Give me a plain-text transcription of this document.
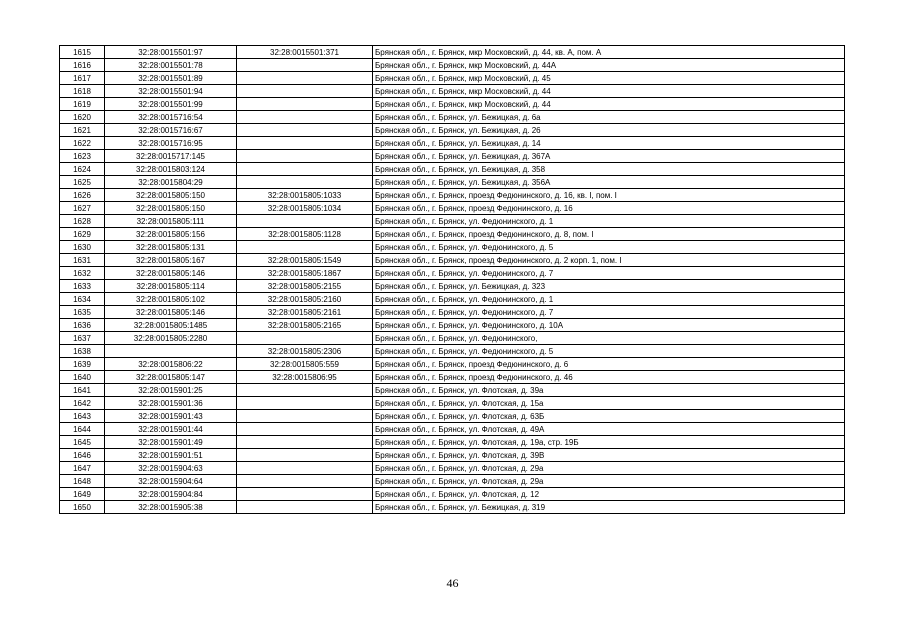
1615	32:28:0015501:97	32:28:0015501:371	Брянская обл., г. Брянск, мкр Московский, д. 44, кв. А, пом. А
1616	32:28:0015501:78		Брянская обл., г. Брянск, мкр Московский, д. 44А
1617	32:28:0015501:89		Брянская обл., г. Брянск, мкр Московский, д. 45
1618	32:28:0015501:94		Брянская обл., г. Брянск, мкр Московский, д. 44
1619	32:28:0015501:99		Брянская обл., г. Брянск, мкр Московский, д. 44
1620	32:28:0015716:54		Брянская обл., г. Брянск, ул. Бежицкая, д. 6а
1621	32:28:0015716:67		Брянская обл., г. Брянск, ул. Бежицкая, д. 26
1622	32:28:0015716:95		Брянская обл., г. Брянск, ул. Бежицкая, д. 14
1623	32:28:0015717:145		Брянская обл., г. Брянск, ул. Бежицкая, д. 367А
1624	32:28:0015803:124		Брянская обл., г. Брянск, ул. Бежицкая, д. 358
1625	32:28:0015804:29		Брянская обл., г. Брянск, ул. Бежицкая, д. 356А
1626	32:28:0015805:150	32:28:0015805:1033	Брянская обл., г. Брянск, проезд Федюнинского, д. 16, кв. I, пом. I
1627	32:28:0015805:150	32:28:0015805:1034	Брянская обл., г. Брянск, проезд Федюнинского, д. 16
1628	32:28:0015805:111		Брянская обл., г. Брянск, ул. Федюнинского, д. 1
1629	32:28:0015805:156	32:28:0015805:1128	Брянская обл., г. Брянск, проезд Федюнинского, д. 8, пом. I
1630	32:28:0015805:131		Брянская обл., г. Брянск, ул. Федюнинского, д. 5
1631	32:28:0015805:167	32:28:0015805:1549	Брянская обл., г. Брянск, проезд Федюнинского, д. 2 корп. 1, пом. I
1632	32:28:0015805:146	32:28:0015805:1867	Брянская обл., г. Брянск, ул. Федюнинского, д. 7
1633	32:28:0015805:114	32:28:0015805:2155	Брянская обл., г. Брянск, ул. Бежицкая, д. 323
1634	32:28:0015805:102	32:28:0015805:2160	Брянская обл., г. Брянск, ул. Федюнинского, д. 1
1635	32:28:0015805:146	32:28:0015805:2161	Брянская обл., г. Брянск, ул. Федюнинского, д. 7
1636	32:28:0015805:1485	32:28:0015805:2165	Брянская обл., г. Брянск, ул. Федюнинского, д. 10А
1637	32:28:0015805:2280		Брянская обл., г. Брянск, ул. Федюнинского,
1638		32:28:0015805:2306	Брянская обл., г. Брянск, ул. Федюнинского, д. 5
1639	32:28:0015806:22	32:28:0015805:559	Брянская обл., г. Брянск, проезд Федюнинского, д. 6
1640	32:28:0015805:147	32:28:0015806:95	Брянская обл., г. Брянск, проезд Федюнинского, д. 46
1641	32:28:0015901:25		Брянская обл., г. Брянск, ул. Флотская, д. 39а
1642	32:28:0015901:36		Брянская обл., г. Брянск, ул. Флотская, д. 15а
1643	32:28:0015901:43		Брянская обл., г. Брянск, ул. Флотская, д. 63Б
1644	32:28:0015901:44		Брянская обл., г. Брянск, ул. Флотская, д. 49А
1645	32:28:0015901:49		Брянская обл., г. Брянск, ул. Флотская, д. 19а, стр. 19Б
1646	32:28:0015901:51		Брянская обл., г. Брянск, ул. Флотская, д. 39В
1647	32:28:0015904:63		Брянская обл., г. Брянск, ул. Флотская, д. 29а
1648	32:28:0015904:64		Брянская обл., г. Брянск, ул. Флотская, д. 29а
1649	32:28:0015904:84		Брянская обл., г. Брянск, ул. Флотская, д. 12
1650	32:28:0015905:38		Брянская обл., г. Брянск, ул. Бежицкая, д. 319
46
